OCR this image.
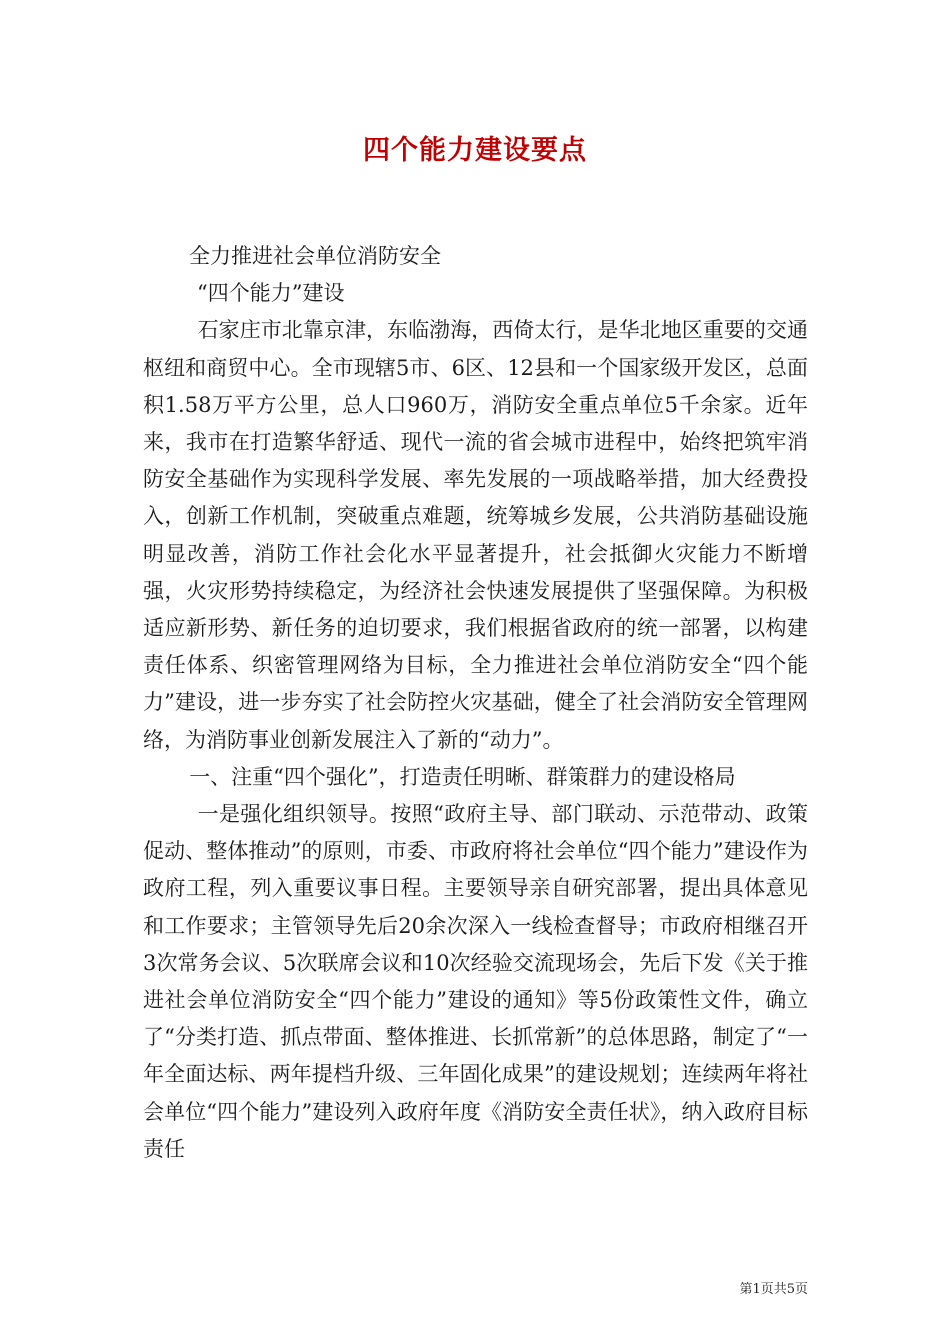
四个能力建设要点

全力推进社会单位消防安全

“四个能力”建设

石家庄市北靠京津，东临渤海，西倚太行，是华北地区重要的交通枢纽和商贸中心。全市现辖5市、6区、12县和一个国家级开发区，总面积1.58万平方公里，总人口960万，消防安全重点单位5千余家。近年来，我市在打造繁华舒适、现代一流的省会城市进程中，始终把筑牢消防安全基础作为实现科学发展、率先发展的一项战略举措，加大经费投入，创新工作机制，突破重点难题，统筹城乡发展，公共消防基础设施明显改善，消防工作社会化水平显著提升，社会抵御火灾能力不断增强，火灾形势持续稳定，为经济社会快速发展提供了坚强保障。为积极适应新形势、新任务的迫切要求，我们根据省政府的统一部署，以构建责任体系、织密管理网络为目标，全力推进社会单位消防安全“四个能力”建设，进一步夯实了社会防控火灾基础，健全了社会消防安全管理网络，为消防事业创新发展注入了新的“动力”。

一、注重“四个强化”，打造责任明晰、群策群力的建设格局

一是强化组织领导。按照“政府主导、部门联动、示范带动、政策促动、整体推动”的原则，市委、市政府将社会单位“四个能力”建设作为政府工程，列入重要议事日程。主要领导亲自研究部署，提出具体意见和工作要求；主管领导先后20余次深入一线检查督导；市政府相继召开3次常务会议、5次联席会议和10次经验交流现场会，先后下发《关于推进社会单位消防安全“四个能力”建设的通知》等5份政策性文件，确立了“分类打造、抓点带面、整体推进、长抓常新”的总体思路，制定了“一年全面达标、两年提档升级、三年固化成果”的建设规划；连续两年将社会单位“四个能力”建设列入政府年度《消防安全责任状》，纳入政府目标责任

第1页共5页
